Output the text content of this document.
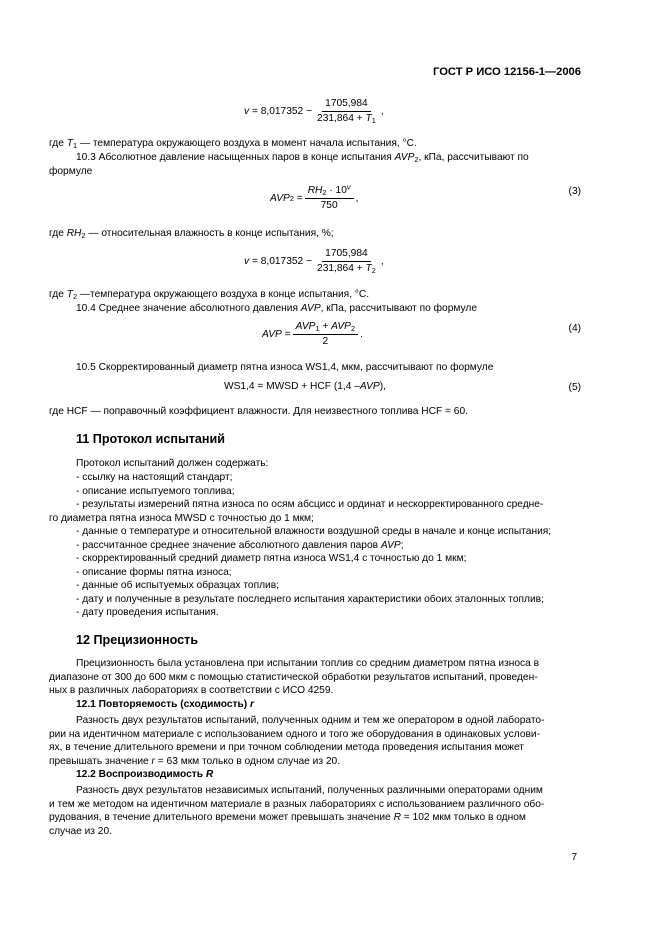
ГОСТ Р ИСО 12156-1—2006
v
=
8,017352
− $\frac{1705,984}{231,864 + T_1}$ ,
где $T_1$ — температура окружающего воздуха в момент начала испытания, °C.
10.3 Абсолютное давление насыщенных паров в конце испытания $AVP_2$, кПа, рассчитывают по
формуле
AVP 2
= $\frac{RH_2 \cdot 10^v}{750}$ ,
(3)
где $RH_2$ — относительная влажность в конце испытания, %;
v
=
8,017352
− $\frac{1705,984}{231,864 + T_2}$ ,
где $T_2$ —температура окружающего воздуха в конце испытания, °C.
10.4 Среднее значение абсолютного давления AVP, кПа, рассчитывают по формуле
AVP
= $\frac{AVP_1 + AVP_2}{2}$ .
(4)
10.5 Скорректированный диаметр пятна износа WS1,4, мкм, рассчитывают по формуле
WS1,4 = MWSD + HCF (1,4 – AVP ),	(5)
где HCF — поправочный коэффициент влажности. Для неизвестного топлива HCF = 60.
11 Протокол испытаний
Протокол испытаний должен содержать:
- ссылку на настоящий стандарт;
- описание испытуемого топлива;
- результаты измерений пятна износа по осям абсцисс и ординат и нескорректированного средне-
го диаметра пятна износа MWSD с точностью до 1 мкм;
- данные о температуре и относительной влажности воздушной среды в начале и конце испытания;
- рассчитанное среднее значение абсолютного давления паров AVP;
- скорректированный средний диаметр пятна износа WS1,4 с точностью до 1 мкм;
- описание формы пятна износа;
- данные об испытуемых образцах топлив;
- дату и полученные в результате последнего испытания характеристики обоих эталонных топлив;
- дату проведения испытания.
12 Прецизионность
Прецизионность была установлена при испытании топлив со средним диаметром пятна износа в
диапазоне от 300 до 600 мкм с помощью статистической обработки результатов испытаний, проведен-
ных в различных лабораториях в соответствии с ИСО 4259.
12.1 Повторяемость (сходимость) r
Разность двух результатов испытаний, полученных одним и тем же оператором в одной лаборато-
рии на идентичном материале с использованием одного и того же оборудования в одинаковых услови-
ях, в течение длительного времени и при точном соблюдении метода проведения испытания может
превышать значение r = 63 мкм только в одном случае из 20.
12.2 Воспроизводимость R
Разность двух результатов независимых испытаний, полученных различными операторами одним
и тем же методом на идентичном материале в разных лабораториях с использованием различного обо-
рудования, в течение длительного времени может превышать значение R = 102 мкм только в одном
случае из 20.
7
